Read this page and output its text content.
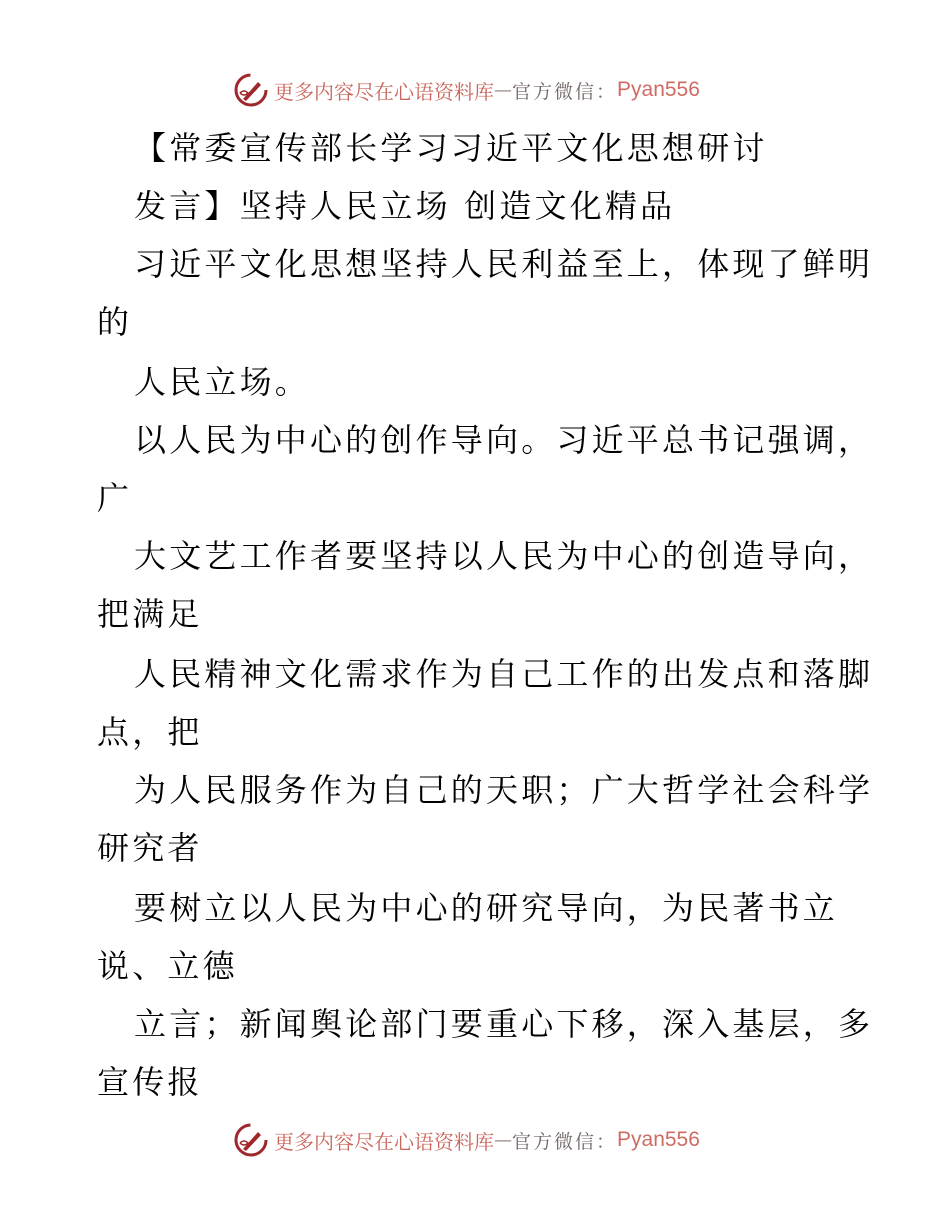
更多内容尽在心语资料库 — 官方微信： Pyan556
【常委宣传部长学习习近平文化思想研讨
发言】坚持人民立场 创造文化精品
习近平文化思想坚持人民利益至上，体现了鲜明
的
人民立场。
以人民为中心的创作导向。习近平总书记强调，
广
大文艺工作者要坚持以人民为中心的创造导向，
把满足
人民精神文化需求作为自己工作的出发点和落脚
点，把
为人民服务作为自己的天职；广大哲学社会科学
研究者
要树立以人民为中心的研究导向，为民著书立
说、立德
立言；新闻舆论部门要重心下移，深入基层，多
宣传报
更多内容尽在心语资料库 — 官方微信： Pyan556
